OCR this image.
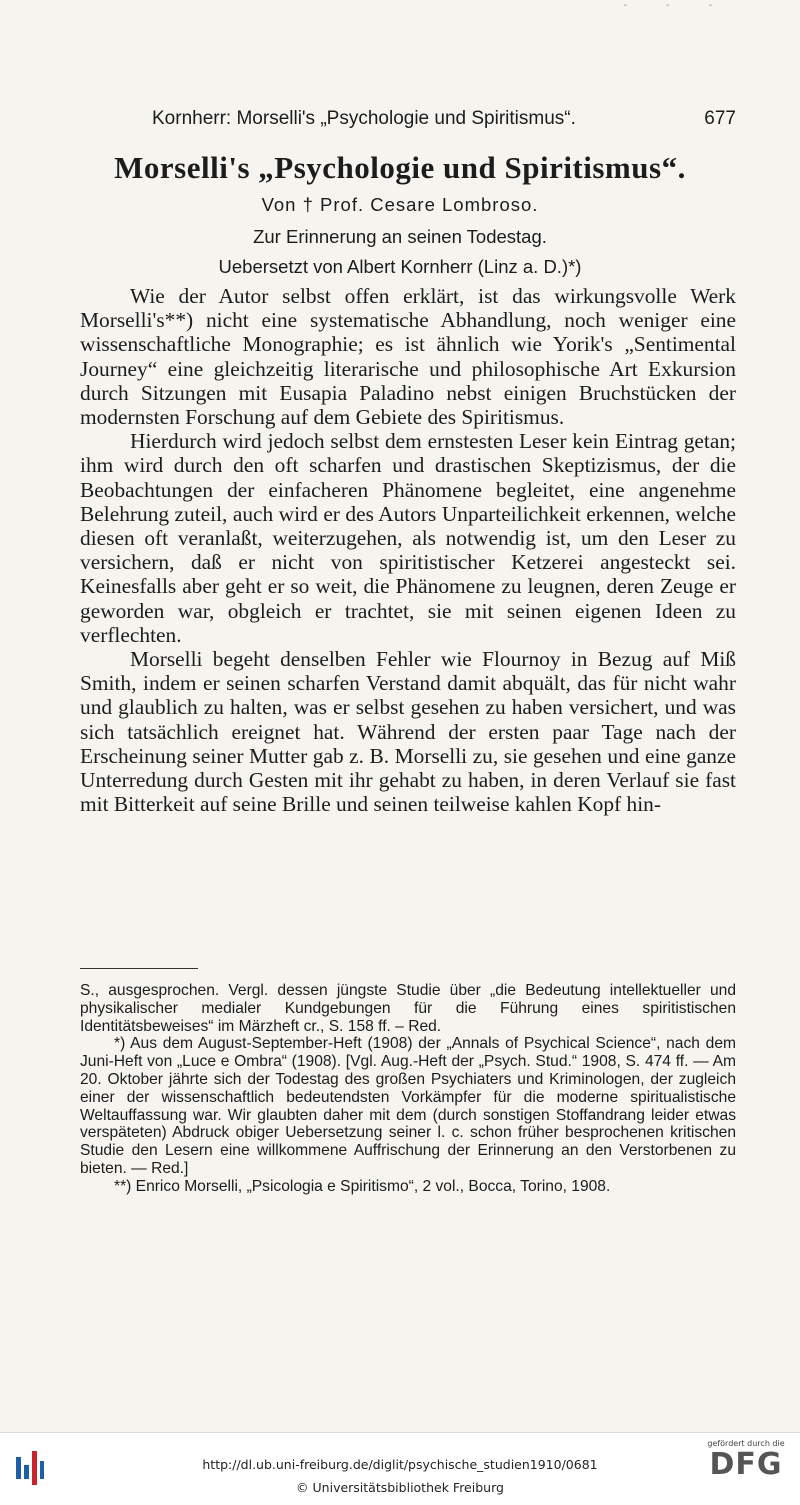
- - -
Kornherr: Morselli's „Psychologie und Spiritismus“.	677
Morselli's „Psychologie und Spiritismus“.
Von † Prof. Cesare Lombroso.
Zur Erinnerung an seinen Todestag.
Uebersetzt von Albert Kornherr (Linz a. D.)*)

Wie der Autor selbst offen erklärt, ist das wirkungsvolle Werk Morselli's**) nicht eine systematische Abhandlung, noch weniger eine wissenschaftliche Monographie; es ist ähnlich wie Yorik's „Sentimental Journey“ eine gleichzeitig literarische und philosophische Art Exkursion durch Sitzungen mit Eusapia Paladino nebst einigen Bruchstücken der modernsten Forschung auf dem Gebiete des Spiritismus.

Hierdurch wird jedoch selbst dem ernstesten Leser kein Eintrag getan; ihm wird durch den oft scharfen und drastischen Skeptizismus, der die Beobachtungen der einfacheren Phänomene begleitet, eine angenehme Belehrung zuteil, auch wird er des Autors Unparteilichkeit erkennen, welche diesen oft veranlaßt, weiterzugehen, als notwendig ist, um den Leser zu versichern, daß er nicht von spiritistischer Ketzerei angesteckt sei. Keinesfalls aber geht er so weit, die Phänomene zu leugnen, deren Zeuge er geworden war, obgleich er trachtet, sie mit seinen eigenen Ideen zu verflechten.

Morselli begeht denselben Fehler wie Flournoy in Bezug auf Miß Smith, indem er seinen scharfen Verstand damit abquält, das für nicht wahr und glaublich zu halten, was er selbst gesehen zu haben versichert, und was sich tatsächlich ereignet hat. Während der ersten paar Tage nach der Erscheinung seiner Mutter gab z. B. Morselli zu, sie gesehen und eine ganze Unterredung durch Gesten mit ihr gehabt zu haben, in deren Verlauf sie fast mit Bitterkeit auf seine Brille und seinen teilweise kahlen Kopf hin-

S., ausgesprochen. Vergl. dessen jüngste Studie über „die Bedeutung intellektueller und physikalischer medialer Kundgebungen für die Führung eines spiritistischen Identitätsbeweises“ im Märzheft cr., S. 158 ff. – Red.

*) Aus dem August-September-Heft (1908) der „Annals of Psychical Science“, nach dem Juni-Heft von „Luce e Ombra“ (1908). [Vgl. Aug.-Heft der „Psych. Stud.“ 1908, S. 474 ff. — Am 20. Oktober jährte sich der Todestag des großen Psychiaters und Kriminologen, der zugleich einer der wissenschaftlich bedeutendsten Vorkämpfer für die moderne spiritualistische Weltauffassung war. Wir glaubten daher mit dem (durch sonstigen Stoffandrang leider etwas verspäteten) Abdruck obiger Uebersetzung seiner l. c. schon früher besprochenen kritischen Studie den Lesern eine willkommene Auffrischung der Erinnerung an den Verstorbenen zu bieten. — Red.]

**) Enrico Morselli, „Psicologia e Spiritismo“, 2 vol., Bocca, Torino, 1908.

http://dl.ub.uni-freiburg.de/diglit/psychische_studien1910/0681
© Universitätsbibliothek Freiburg
gefördert durch die
DFG
